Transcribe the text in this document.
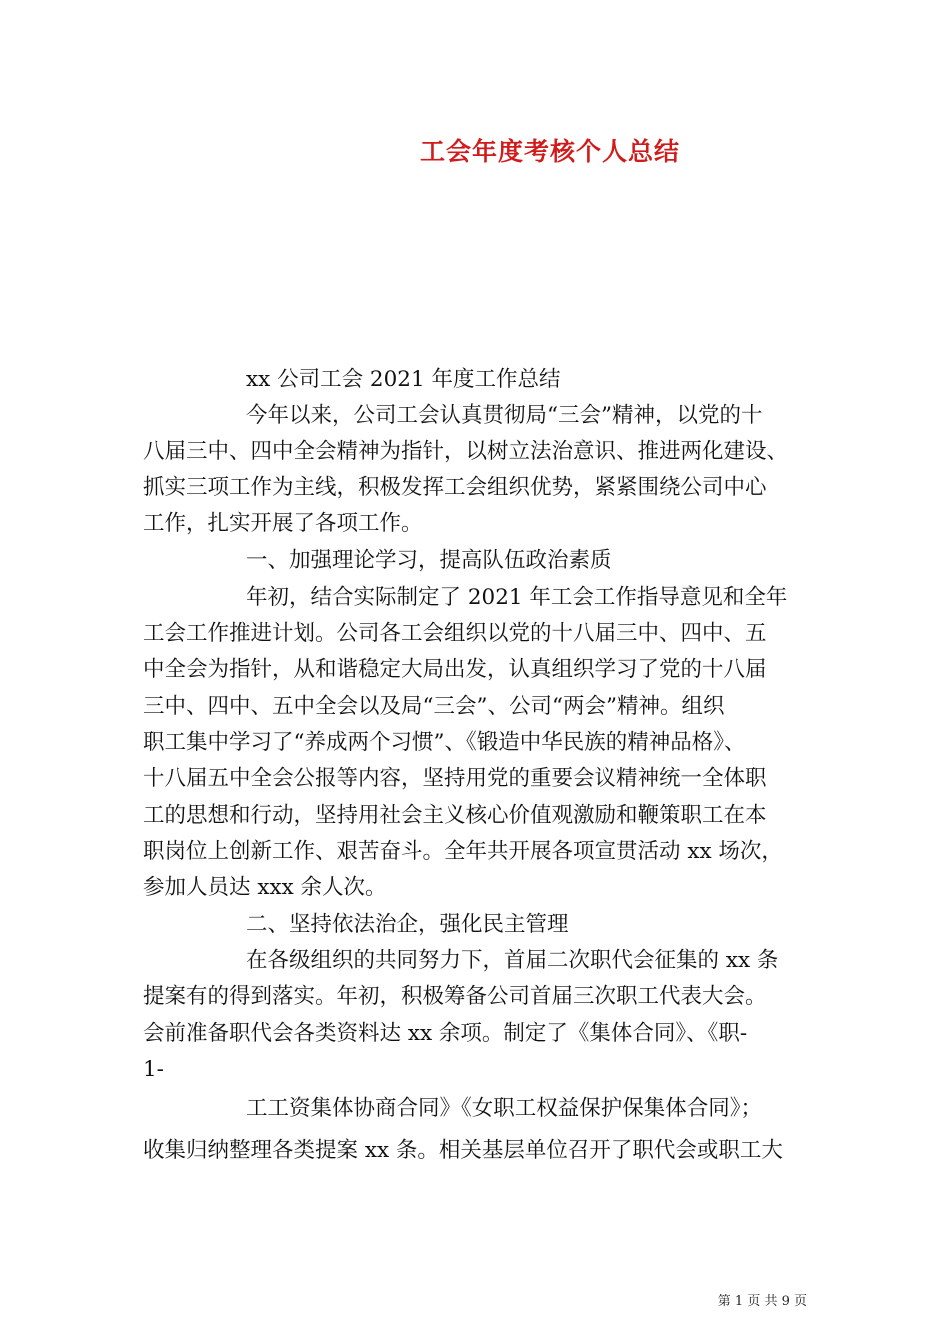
工会年度考核个人总结
xx 公司工会 2021 年度工作总结
今年以来，公司工会认真贯彻局“三会”精神，以党的十
八届三中、四中全会精神为指针，以树立法治意识、推进两化建设、
抓实三项工作为主线，积极发挥工会组织优势，紧紧围绕公司中心
工作，扎实开展了各项工作。
一、加强理论学习，提高队伍政治素质
年初，结合实际制定了 2021 年工会工作指导意见和全年
工会工作推进计划。公司各工会组织以党的十八届三中、四中、五
中全会为指针，从和谐稳定大局出发，认真组织学习了党的十八届
三中、四中、五中全会以及局“三会”、公司“两会”精神。组织
职工集中学习了“养成两个习惯”、《锻造中华民族的精神品格》、
十八届五中全会公报等内容，坚持用党的重要会议精神统一全体职
工的思想和行动，坚持用社会主义核心价值观激励和鞭策职工在本
职岗位上创新工作、艰苦奋斗。全年共开展各项宣贯活动 xx 场次，
参加人员达 xxx 余人次。
二、坚持依法治企，强化民主管理
在各级组织的共同努力下，首届二次职代会征集的 xx 条
提案有的得到落实。年初，积极筹备公司首届三次职工代表大会。
会前准备职代会各类资料达 xx 余项。制定了《集体合同》、《职-
1-
工工资集体协商合同》《女职工权益保护保集体合同》；
收集归纳整理各类提案 xx 条。相关基层单位召开了职代会或职工大
第 1 页 共 9 页
